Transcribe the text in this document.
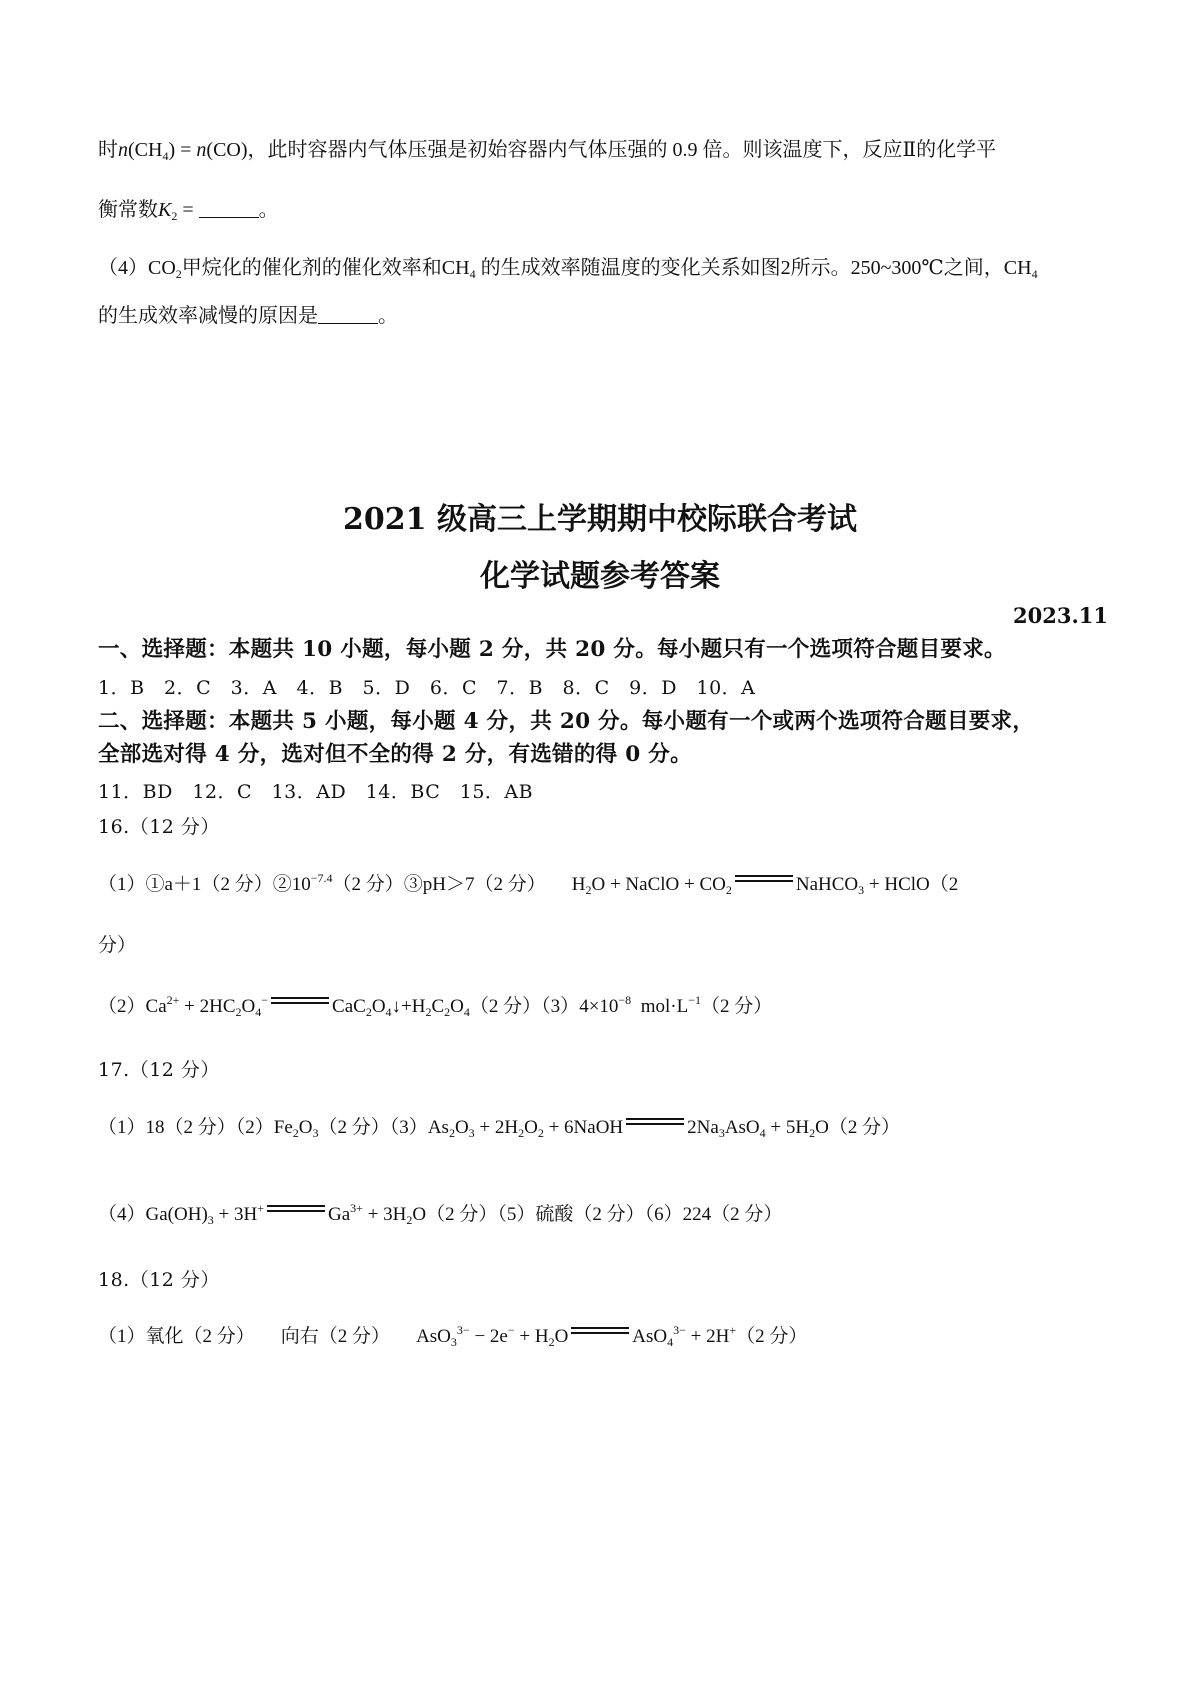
时$n(CH_4) = n(CO)$，此时容器内气体压强是初始容器内气体压强的 0.9 倍。则该温度下，反应Ⅱ的化学平
衡常数$K_2$ =	。
$(4)CO_2$甲烷化的催化剂的催化效率和$CH_4$ 的生成效率随温度的变化关系如图2所示。250~300℃之间，$CH_4$
的生成效率减慢的原因是	。
2021 级高三上学期期中校际联合考试
化学试题参考答案
2023.11
一、选择题：本题共 10 小题，每小题 2 分，共 20 分。每小题只有一个选项符合题目要求。
1．B　2．C　3．A　4．B　5．D　6．C　7．B　8．C　9．D　10．A
二、选择题：本题共 5 小题，每小题 4 分，共 20 分。每小题有一个或两个选项符合题目要求，
全部选对得 4 分，选对但不全的得 2 分，有选错的得 0 分。
11．BD　12．C　13．AD　14．BC　15．AB
16.（12 分）
（1）①a＋1（2 分）$②10^{-7.4}(2$ 分）③pH＞7（2 分） $H_2O$ + NaClO + $CO_2$	NaHCO$_3$ + HClO（2
分）
$(2)Ca^{2+} + 2HC_2O_4^-$	$CaC_2O_4↓+H_2C_2O_4(2$ 分）$(3)4\times 10^{-8}$  $mol\cdot L^{-1}(2$ 分）
17.（12 分）
（1）18（2 分）$(2)Fe_2O_3(2$ 分）$(3)As_2O_3 + 2H_2O_2$ + 6NaOH	$2Na_3AsO_4 + 5H_2O(2$ 分）
$(4)Ga(OH)_3 + 3H^+$	$Ga^{3+} + 3H_2O(2$ 分）（5）硫酸（2 分）（6）224（2 分）
18.（12 分）
（1）氧化（2 分） 向右（2 分） $AsO_3^{3-} - 2e^- + H_2O$	AsO$_4^{3-}$ + 2H+（2 分）
